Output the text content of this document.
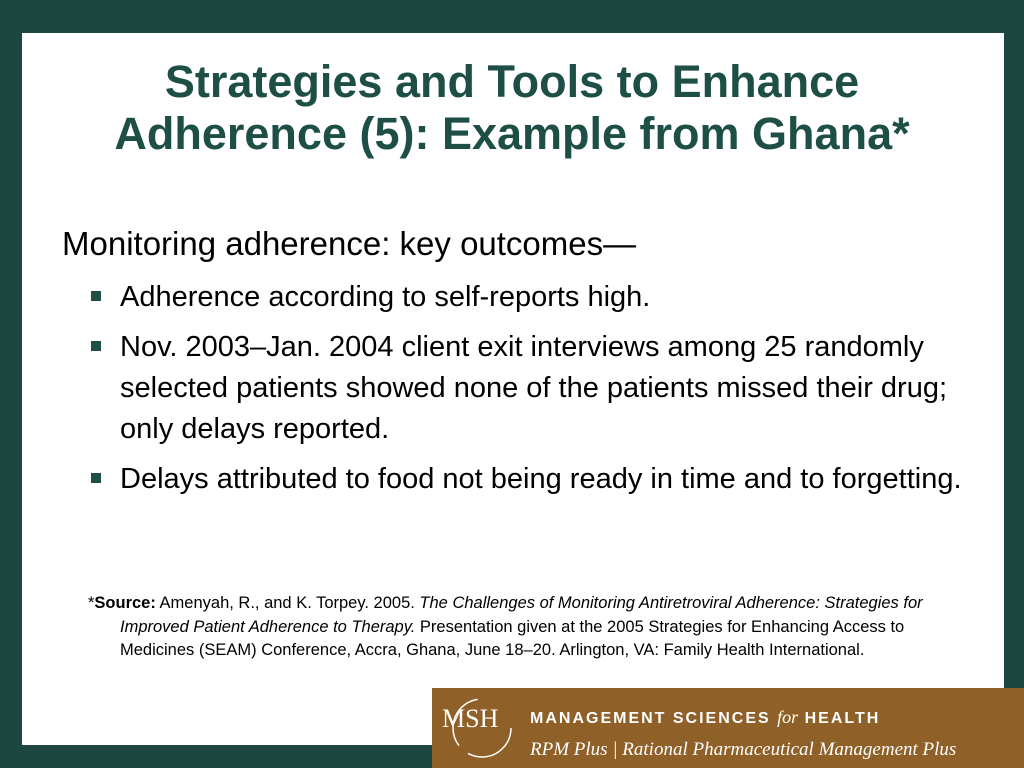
Strategies and Tools to Enhance
Adherence (5): Example from Ghana*
Monitoring adherence: key outcomes—
Adherence according to self-reports high.
Nov. 2003–Jan. 2004 client exit interviews among 25 randomly selected patients showed none of the patients missed their drug; only delays reported.
Delays attributed to food not being ready in time and to forgetting.
*Source: Amenyah, R., and K. Torpey. 2005. The Challenges of Monitoring Antiretroviral Adherence: Strategies for Improved Patient Adherence to Therapy. Presentation given at the 2005 Strategies for Enhancing Access to Medicines (SEAM) Conference, Accra, Ghana, June 18–20. Arlington, VA: Family Health International.
MSH	MANAGEMENT SCIENCES for HEALTH
RPM Plus | Rational Pharmaceutical Management Plus
